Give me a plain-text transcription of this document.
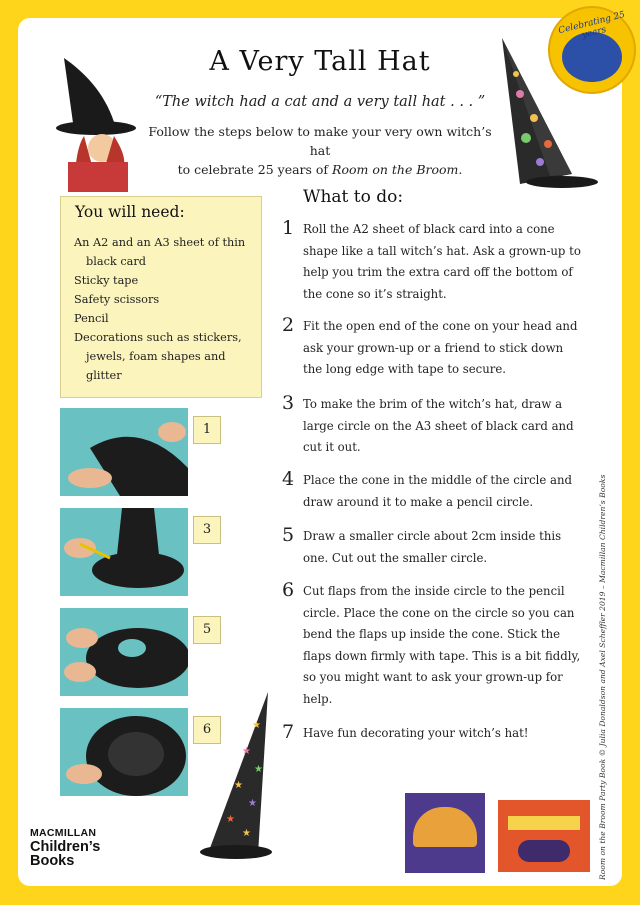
Celebrating 25 years
A Very Tall Hat
“The witch had a cat and a very tall hat . . . ”
Follow the steps below to make your very own witch’s hat
to celebrate 25 years of Room on the Broom.
You will need:
An A2 and an A3 sheet of thin black card
Sticky tape
Safety scissors
Pencil
Decorations such as stickers, jewels, foam shapes and glitter
What to do:
1 Roll the A2 sheet of black card into a cone shape like a tall witch’s hat. Ask a grown-up to help you trim the extra card off the bottom of the cone so it’s straight.
2 Fit the open end of the cone on your head and ask your grown-up or a friend to stick down the long edge with tape to secure.
3 To make the brim of the witch’s hat, draw a large circle on the A3 sheet of black card and cut it out.
4 Place the cone in the middle of the circle and draw around it to make a pencil circle.
5 Draw a smaller circle about 2cm inside this one. Cut out the smaller circle.
6 Cut flaps from the inside circle to the pencil circle. Place the cone on the circle so you can bend the flaps up inside the cone. Stick the flaps down firmly with tape. This is a bit fiddly, so you might want to ask your grown-up for help.
7 Have fun decorating your witch’s hat!
1
3
5
6	★
★
★
★
★
★
★
MACMILLAN
Children’s
Books	Room on the Broom Party Book © Julia Donaldson and Axel Scheffler 2019 – Macmillan Children’s Books
